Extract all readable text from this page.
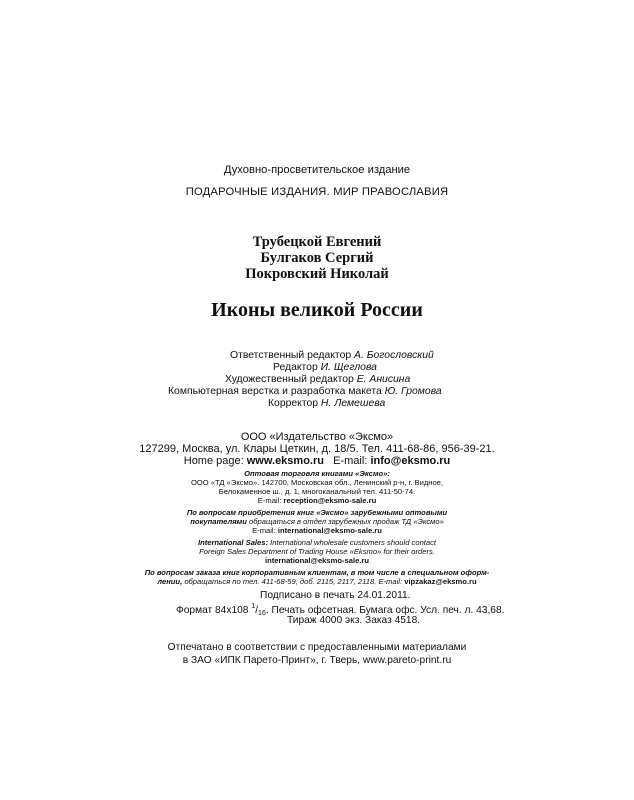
Духовно-просветительское издание
ПОДАРОЧНЫЕ ИЗДАНИЯ. МИР ПРАВОСЛАВИЯ
Трубецкой Евгений
Булгаков Сергий
Покровский Николай
Иконы великой России
Ответственный редактор А. Богословский
Редактор И. Щеглова
Художественный редактор Е. Анисина
Компьютерная верстка и разработка макета Ю. Громова
Корректор Н. Лемешева
ООО «Издательство «Эксмо»
127299, Москва, ул. Клары Цеткин, д. 18/5. Тел. 411-68-86, 956-39-21.
Home page: www.eksmo.ru E-mail: info@eksmo.ru
Оптовая торговля книгами «Эксмо»:
ООО «ТД «Эксмо». 142700, Московская обл., Ленинский р-н, г. Видное,
Белокаменное ш., д. 1, многоканальный тел. 411-50-74.
E-mail: reception@eksmo-sale.ru
По вопросам приобретения книг «Эксмо» зарубежными оптовыми
покупателями обращаться в отдел зарубежных продаж ТД «Эксмо»
E-mail: international@eksmo-sale.ru
International Sales: International wholesale customers should contact
Foreign Sales Department of Trading House «Eksmo» for their orders.
international@eksmo-sale.ru
По вопросам заказа книг корпоративным клиентам, в том числе в специальном оформ-
лении, обращаться по тел. 411-68-59, доб. 2115, 2117, 2118. E-mail: vipzakaz@eksmo.ru
Подписано в печать 24.01.2011.
Формат 84x108 $^1/_{16}$. Печать офсетная. Бумага офс. Усл. печ. л. 43,68.
Тираж 4000 экз. Заказ 4518.
Отпечатано в соответствии с предоставленными материалами
в ЗАО «ИПК Парето-Принт», г. Тверь, www.pareto-print.ru
